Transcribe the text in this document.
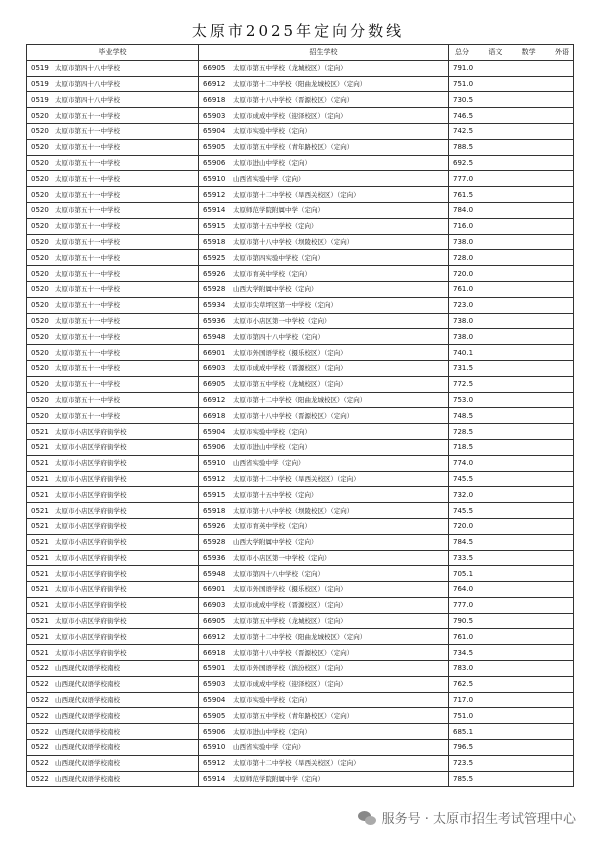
太原市2025年定向分数线
毕业学校	招生学校	总分 语文 数学 外语

0519 太原市第四十八中学校	66905 太原市第五中学校（龙城校区）（定向）	791.0
0519 太原市第四十八中学校	66912 太原市第十二中学校（阳曲龙城校区）（定向）	751.0
0519 太原市第四十八中学校	66918 太原市第十八中学校（晋源校区）（定向）	730.5
0520 太原市第五十一中学校	65903 太原市成成中学校（迎泽校区）（定向）	746.5
0520 太原市第五十一中学校	65904 太原市实验中学校（定向）	742.5
0520 太原市第五十一中学校	65905 太原市第五中学校（青年路校区）（定向）	788.5
0520 太原市第五十一中学校	65906 太原市进山中学校（定向）	692.5
0520 太原市第五十一中学校	65910 山西省实验中学（定向）	777.0
0520 太原市第五十一中学校	65912 太原市第十二中学校（旱西关校区）（定向）	761.5
0520 太原市第五十一中学校	65914 太原师范学院附属中学（定向）	784.0
0520 太原市第五十一中学校	65915 太原市第十五中学校（定向）	716.0
0520 太原市第五十一中学校	65918 太原市第十八中学校（坝陵校区）（定向）	738.0
0520 太原市第五十一中学校	65925 太原市第四实验中学校（定向）	728.0
0520 太原市第五十一中学校	65926 太原市育英中学校（定向）	720.0
0520 太原市第五十一中学校	65928 山西大学附属中学校（定向）	761.0
0520 太原市第五十一中学校	65934 太原市尖草坪区第一中学校（定向）	723.0
0520 太原市第五十一中学校	65936 太原市小店区第一中学校（定向）	738.0
0520 太原市第五十一中学校	65948 太原市第四十八中学校（定向）	738.0
0520 太原市第五十一中学校	66901 太原市外国语学校（摄乐校区）（定向）	740.1
0520 太原市第五十一中学校	66903 太原市成成中学校（晋源校区）（定向）	731.5
0520 太原市第五十一中学校	66905 太原市第五中学校（龙城校区）（定向）	772.5
0520 太原市第五十一中学校	66912 太原市第十二中学校（阳曲龙城校区）（定向）	753.0
0520 太原市第五十一中学校	66918 太原市第十八中学校（晋源校区）（定向）	748.5
0521 太原市小店区学府街学校	65904 太原市实验中学校（定向）	728.5
0521 太原市小店区学府街学校	65906 太原市进山中学校（定向）	718.5
0521 太原市小店区学府街学校	65910 山西省实验中学（定向）	774.0
0521 太原市小店区学府街学校	65912 太原市第十二中学校（旱西关校区）（定向）	745.5
0521 太原市小店区学府街学校	65915 太原市第十五中学校（定向）	732.0
0521 太原市小店区学府街学校	65918 太原市第十八中学校（坝陵校区）（定向）	745.5
0521 太原市小店区学府街学校	65926 太原市育英中学校（定向）	720.0
0521 太原市小店区学府街学校	65928 山西大学附属中学校（定向）	784.5
0521 太原市小店区学府街学校	65936 太原市小店区第一中学校（定向）	733.5
0521 太原市小店区学府街学校	65948 太原市第四十八中学校（定向）	705.1
0521 太原市小店区学府街学校	66901 太原市外国语学校（摄乐校区）（定向）	764.0
0521 太原市小店区学府街学校	66903 太原市成成中学校（晋源校区）（定向）	777.0
0521 太原市小店区学府街学校	66905 太原市第五中学校（龙城校区）（定向）	790.5
0521 太原市小店区学府街学校	66912 太原市第十二中学校（阳曲龙城校区）（定向）	761.0
0521 太原市小店区学府街学校	66918 太原市第十八中学校（晋源校区）（定向）	734.5
0522 山西现代双语学校南校	65901 太原市外国语学校（滨汾校区）（定向）	783.0
0522 山西现代双语学校南校	65903 太原市成成中学校（迎泽校区）（定向）	762.5
0522 山西现代双语学校南校	65904 太原市实验中学校（定向）	717.0
0522 山西现代双语学校南校	65905 太原市第五中学校（青年路校区）（定向）	751.0
0522 山西现代双语学校南校	65906 太原市进山中学校（定向）	685.1
0522 山西现代双语学校南校	65910 山西省实验中学（定向）	796.5
0522 山西现代双语学校南校	65912 太原市第十二中学校（旱西关校区）（定向）	723.5
0522 山西现代双语学校南校	65914 太原师范学院附属中学（定向）	785.5
服务号 · 太原市招生考试管理中心
